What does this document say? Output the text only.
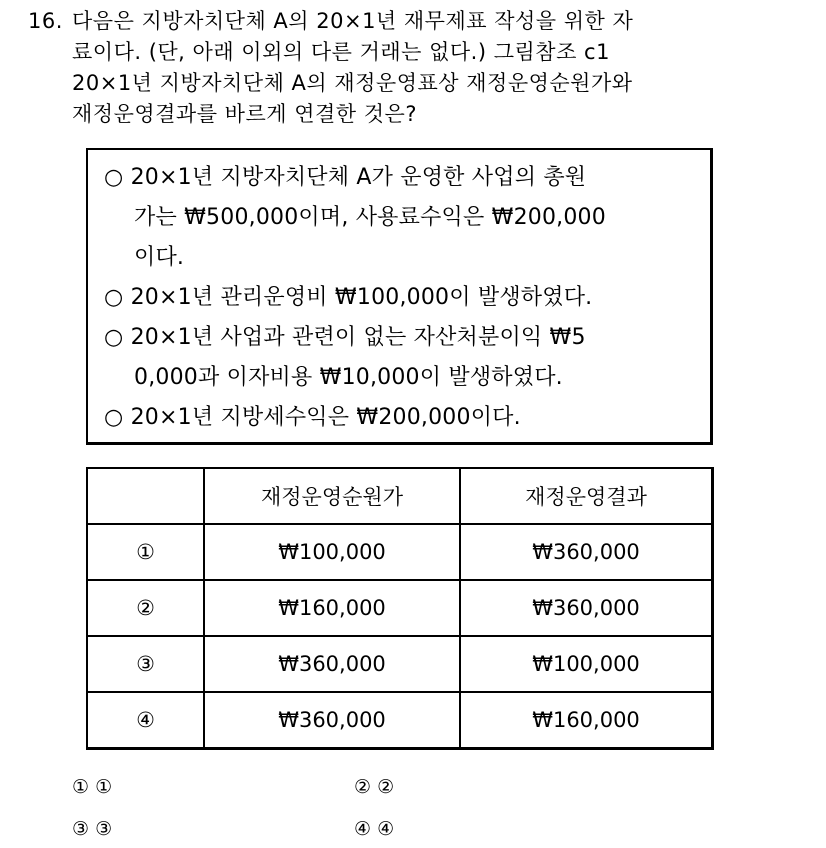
16. 다음은 지방자치단체 A의 20×1년 재무제표 작성을 위한 자
료이다. (단, 아래 이외의 다른 거래는 없다.) 그림참조 c1
20×1년 지방자치단체 A의 재정운영표상 재정운영순원가와
재정운영결과를 바르게 연결한 것은?
○ 20×1년 지방자치단체 A가 운영한 사업의 총원
가는 ₩500,000이며, 사용료수익은 ₩200,000
이다.
○ 20×1년 관리운영비 ₩100,000이 발생하였다.
○ 20×1년 사업과 관련이 없는 자산처분이익 ₩5
0,000과 이자비용 ₩10,000이 발생하였다.
○ 20×1년 지방세수익은 ₩200,000이다.
	재정운영순원가	재정운영결과
①	₩100,000	₩360,000
②	₩160,000	₩360,000
③	₩360,000	₩100,000
④	₩360,000	₩160,000
① ①	② ②
③ ③	④ ④
